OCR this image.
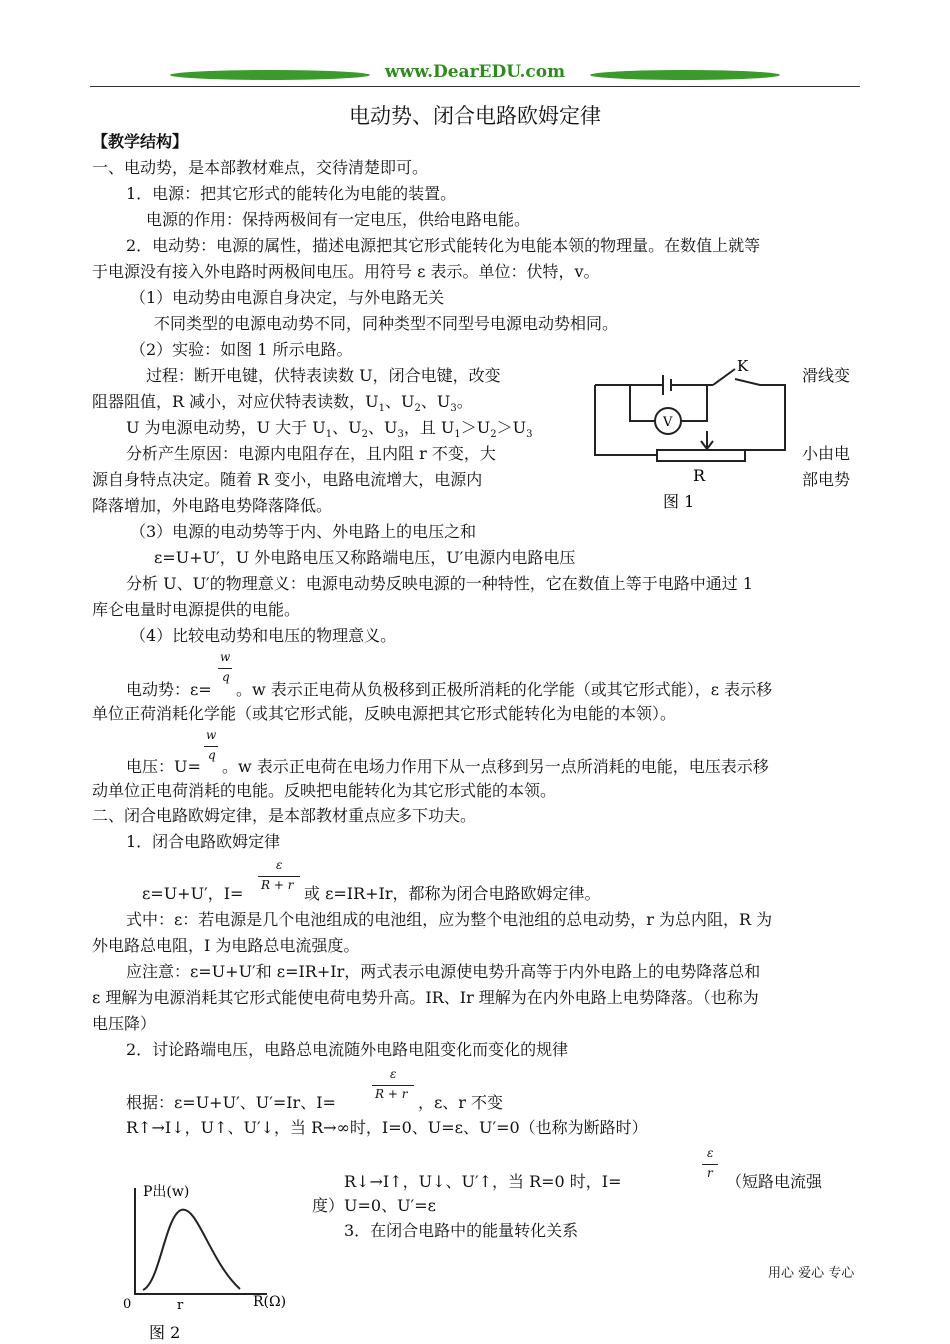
www.DearEDU.com
电动势、闭合电路欧姆定律
【教学结构】
一、电动势，是本部教材难点，交待清楚即可。
1．电源：把其它形式的能转化为电能的装置。
电源的作用：保持两极间有一定电压，供给电路电能。
2．电动势：电源的属性，描述电源把其它形式能转化为电能本领的物理量。在数值上就等
于电源没有接入外电路时两极间电压。用符号 ε 表示。单位：伏特，v。
（1）电动势由电源自身决定，与外电路无关
不同类型的电源电动势不同，同种类型不同型号电源电动势相同。
（2）实验：如图 1 所示电路。
过程：断开电键，伏特表读数 U，闭合电键，改变	滑线变
阻器阻值，R 减小，对应伏特表读数，$U_1$、$U_2$、$U_3$。
U 为电源电动势，U 大于 $U_1$、$U_2$、$U_3$，且 $U_1>U_2>U_3$
分析产生原因：电源内电阻存在，且内阻 r 不变，大	小由电
源自身特点决定。随着 R 变小，电路电流增大，电源内	部电势
降落增加，外电路电势降落降低。
K
V
R
图 1
（3）电源的电动势等于内、外电路上的电压之和
ε=U+U′，U 外电路电压又称路端电压，U′电源内电路电压
分析 U、U′的物理意义：电源电动势反映电源的一种特性，它在数值上等于电路中通过 1
库仑电量时电源提供的电能。
（4）比较电动势和电压的物理意义。
w
q
电动势：ε= 。w 表示正电荷从负极移到正极所消耗的化学能（或其它形式能），ε 表示移
单位正荷消耗化学能（或其它形式能，反映电源把其它形式能转化为电能的本领）。
w
q
电压：U= 。w 表示正电荷在电场力作用下从一点移到另一点所消耗的电能，电压表示移
动单位正电荷消耗的电能。反映把电能转化为其它形式能的本领。
二、闭合电路欧姆定律，是本部教材重点应多下功夫。
1．闭合电路欧姆定律
ε
R + r
ε=U+U′，I=	或 ε=IR+Ir，都称为闭合电路欧姆定律。
式中：ε：若电源是几个电池组成的电池组，应为整个电池组的总电动势，r 为总内阻，R 为
外电路总电阻，I 为电路总电流强度。
应注意：ε=U+U′和 ε=IR+Ir，两式表示电源使电势升高等于内外电路上的电势降落总和
ε 理解为电源消耗其它形式能使电荷电势升高。IR、Ir 理解为在内外电路上电势降落。（也称为
电压降）
2．讨论路端电压，电路总电流随外电路电阻变化而变化的规律
ε
R + r
根据：ε=U+U′、U′=Ir、I=	，ε、r 不变
R↑→I↓，U↑、U′↓，当 R→∞时，I=0、U=ε、U′=0（也称为断路时）
ε
r
R↓→I↑，U↓、U′↑，当 R=0 时，I=	（短路电流强
度）U=0、U′=ε
3．在闭合电路中的能量转化关系
P出(w)
R(Ω)
0	r
图 2
用心 爱心 专心
